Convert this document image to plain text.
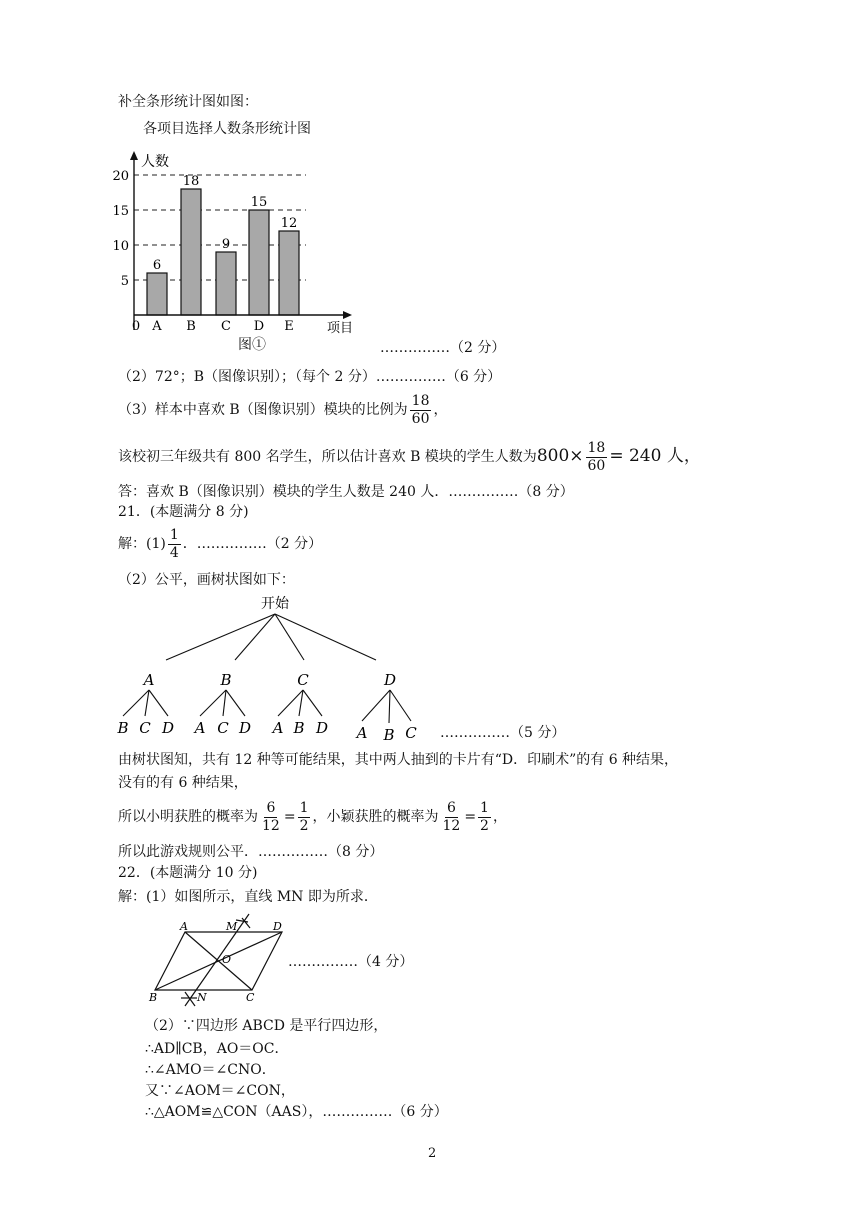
补全条形统计图如图：
各项目选择人数条形统计图
0
5
10
15
20
6
A
18
B
9
C
15
D
12
E
人数
项目
图①	……………（2 分）
（2）72°；B（图像识别）；（每个 2 分）……………（6 分）
（3）样本中喜欢 B（图像识别）模块的比例为 $\frac{18}{60}$ ，
该校初三年级共有 800 名学生，所以估计喜欢 B 模块的学生人数为$800\times \frac{18}{60} = 240$ 人，
答：喜欢 B（图像识别）模块的学生人数是 240 人．……………（8 分）
21．(本题满分 8 分)
解：$(1) \frac{1}{4}$ ．……………（2 分）
（2）公平，画树状图如下：
开始
A
B C D
B
A C D
C
A B D
D
A B C ……………（5 分）
由树状图知，共有 12 种等可能结果，其中两人抽到的卡片有“D．印刷术”的有 6 种结果，
没有的有 6 种结果，
所以小明获胜的概率为 $\frac{6}{12} = \frac{1}{2}$ ，小颖获胜的概率为 $\frac{6}{12} = \frac{1}{2}$ ，
所以此游戏规则公平．……………（8 分）
22．(本题满分 10 分)
解：(1）如图所示，直线 MN 即为所求．
A	M	D
O
B	N	C
……………（4 分）
（2）∵四边形 ABCD 是平行四边形，
∴AD∥CB，AO＝OC．
∴∠AMO＝∠CNO．
又∵∠AOM＝∠CON，
∴△AOM≌△CON（AAS），……………（6 分）
2
